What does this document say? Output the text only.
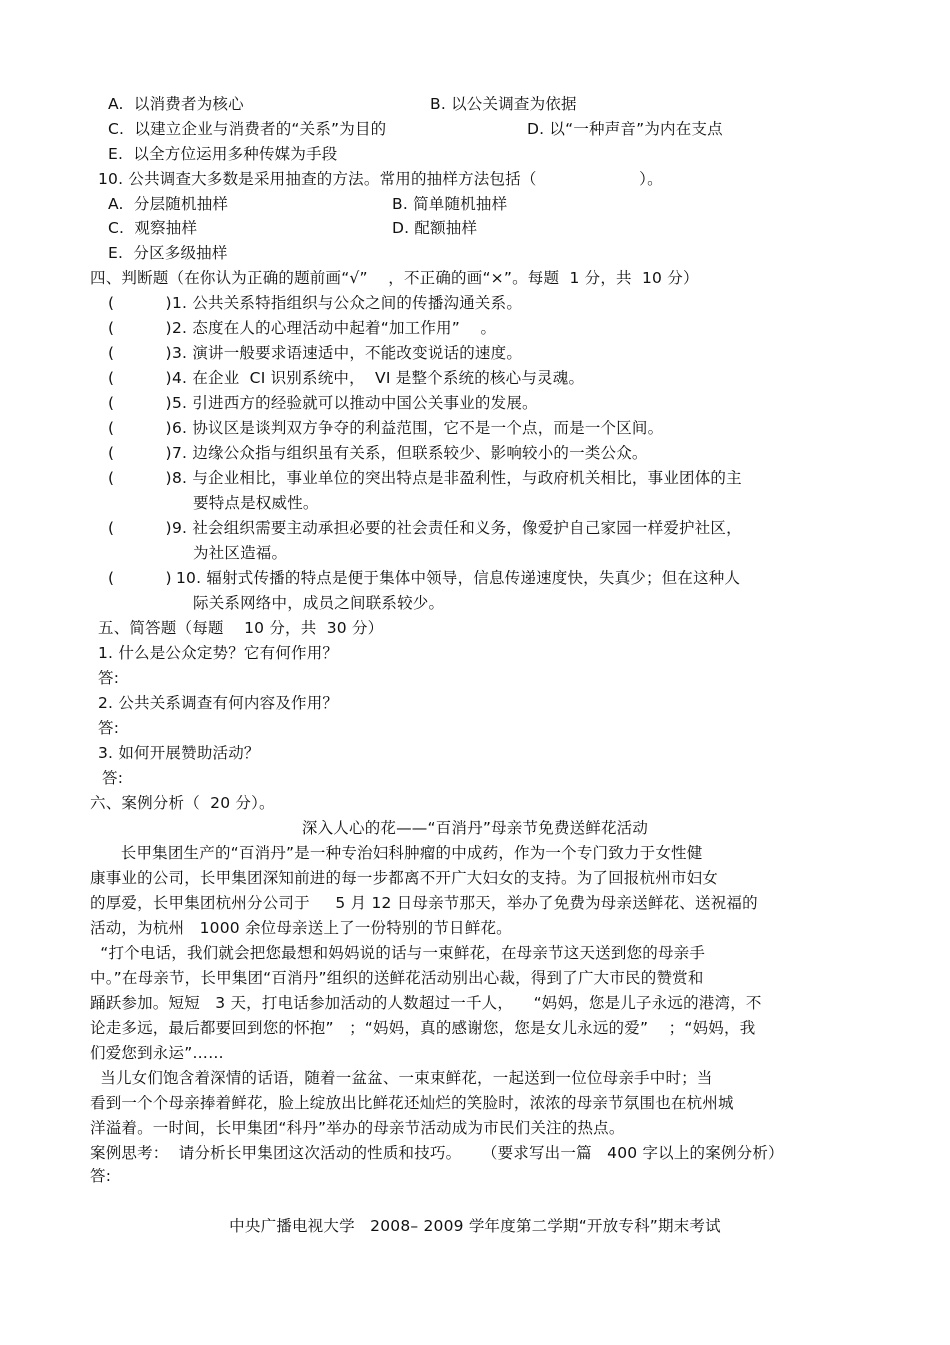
A.  以消费者为核心	B. 以公关调查为依据
C.  以建立企业与消费者的“关系”为目的	D. 以“一种声音”为内在支点
E.  以全方位运用多种传媒为手段
10. 公共调查大多数是采用抽查的方法。常用的抽样方法包括（                    ）。
A.  分层随机抽样	B. 简单随机抽样
C.  观察抽样	D. 配额抽样
E.  分区多级抽样
四、判断题（在你认为正确的题前画“√”    ，不正确的画“×”。每题  1 分，共  10 分）
(          ) 1. 公共关系特指组织与公众之间的传播沟通关系。
(          ) 2. 态度在人的心理活动中起着“加工作用”    。
(          ) 3. 演讲一般要求语速适中，不能改变说话的速度。
(          ) 4. 在企业  CI 识别系统中，  VI 是整个系统的核心与灵魂。
(          ) 5. 引进西方的经验就可以推动中国公关事业的发展。
(          ) 6. 协议区是谈判双方争夺的利益范围，它不是一个点，而是一个区间。
(          ) 7. 边缘公众指与组织虽有关系，但联系较少、影响较小的一类公众。
(          ) 8. 与企业相比，事业单位的突出特点是非盈利性，与政府机关相比，事业团体的主
要特点是权威性。
(          ) 9. 社会组织需要主动承担必要的社会责任和义务，像爱护自己家园一样爱护社区，
为社区造福。
(          ) 10. 辐射式传播的特点是便于集体中领导，信息传递速度快，失真少；但在这种人
际关系网络中，成员之间联系较少。
五、简答题（每题    10 分，共  30 分）
1. 什么是公众定势？它有何作用？
答:
2. 公共关系调查有何内容及作用？
答:
3. 如何开展赞助活动？
答:
六、案例分析（  20 分）。
深入人心的花——“百消丹”母亲节免费送鲜花活动
长甲集团生产的“百消丹”是一种专治妇科肿瘤的中成药，作为一个专门致力于女性健
康事业的公司，长甲集团深知前进的每一步都离不开广大妇女的支持。为了回报杭州市妇女
的厚爱，长甲集团杭州分公司于     5 月 12 日母亲节那天，举办了免费为母亲送鲜花、送祝福的
活动，为杭州   1000 余位母亲送上了一份特别的节日鲜花。
“打个电话，我们就会把您最想和妈妈说的话与一束鲜花，在母亲节这天送到您的母亲手
中。”在母亲节，长甲集团“百消丹”组织的送鲜花活动别出心裁，得到了广大市民的赞赏和
踊跃参加。短短   3 天，打电话参加活动的人数超过一千人，    “妈妈，您是儿子永远的港湾，不
论走多远，最后都要回到您的怀抱”   ；“妈妈，真的感谢您，您是女儿永远的爱”    ；“妈妈，我
们爱您到永运”……
当儿女们饱含着深情的话语，随着一盆盆、一束束鲜花，一起送到一位位母亲手中时；当
看到一个个母亲捧着鲜花，脸上绽放出比鲜花还灿烂的笑脸时，浓浓的母亲节氛围也在杭州城
洋溢着。一时间，长甲集团“科丹”举办的母亲节活动成为市民们关注的热点。
案例思考：  请分析长甲集团这次活动的性质和技巧。    （要求写出一篇   400 字以上的案例分析）
答:
中央广播电视大学   2008– 2009 学年度第二学期“开放专科”期末考试
